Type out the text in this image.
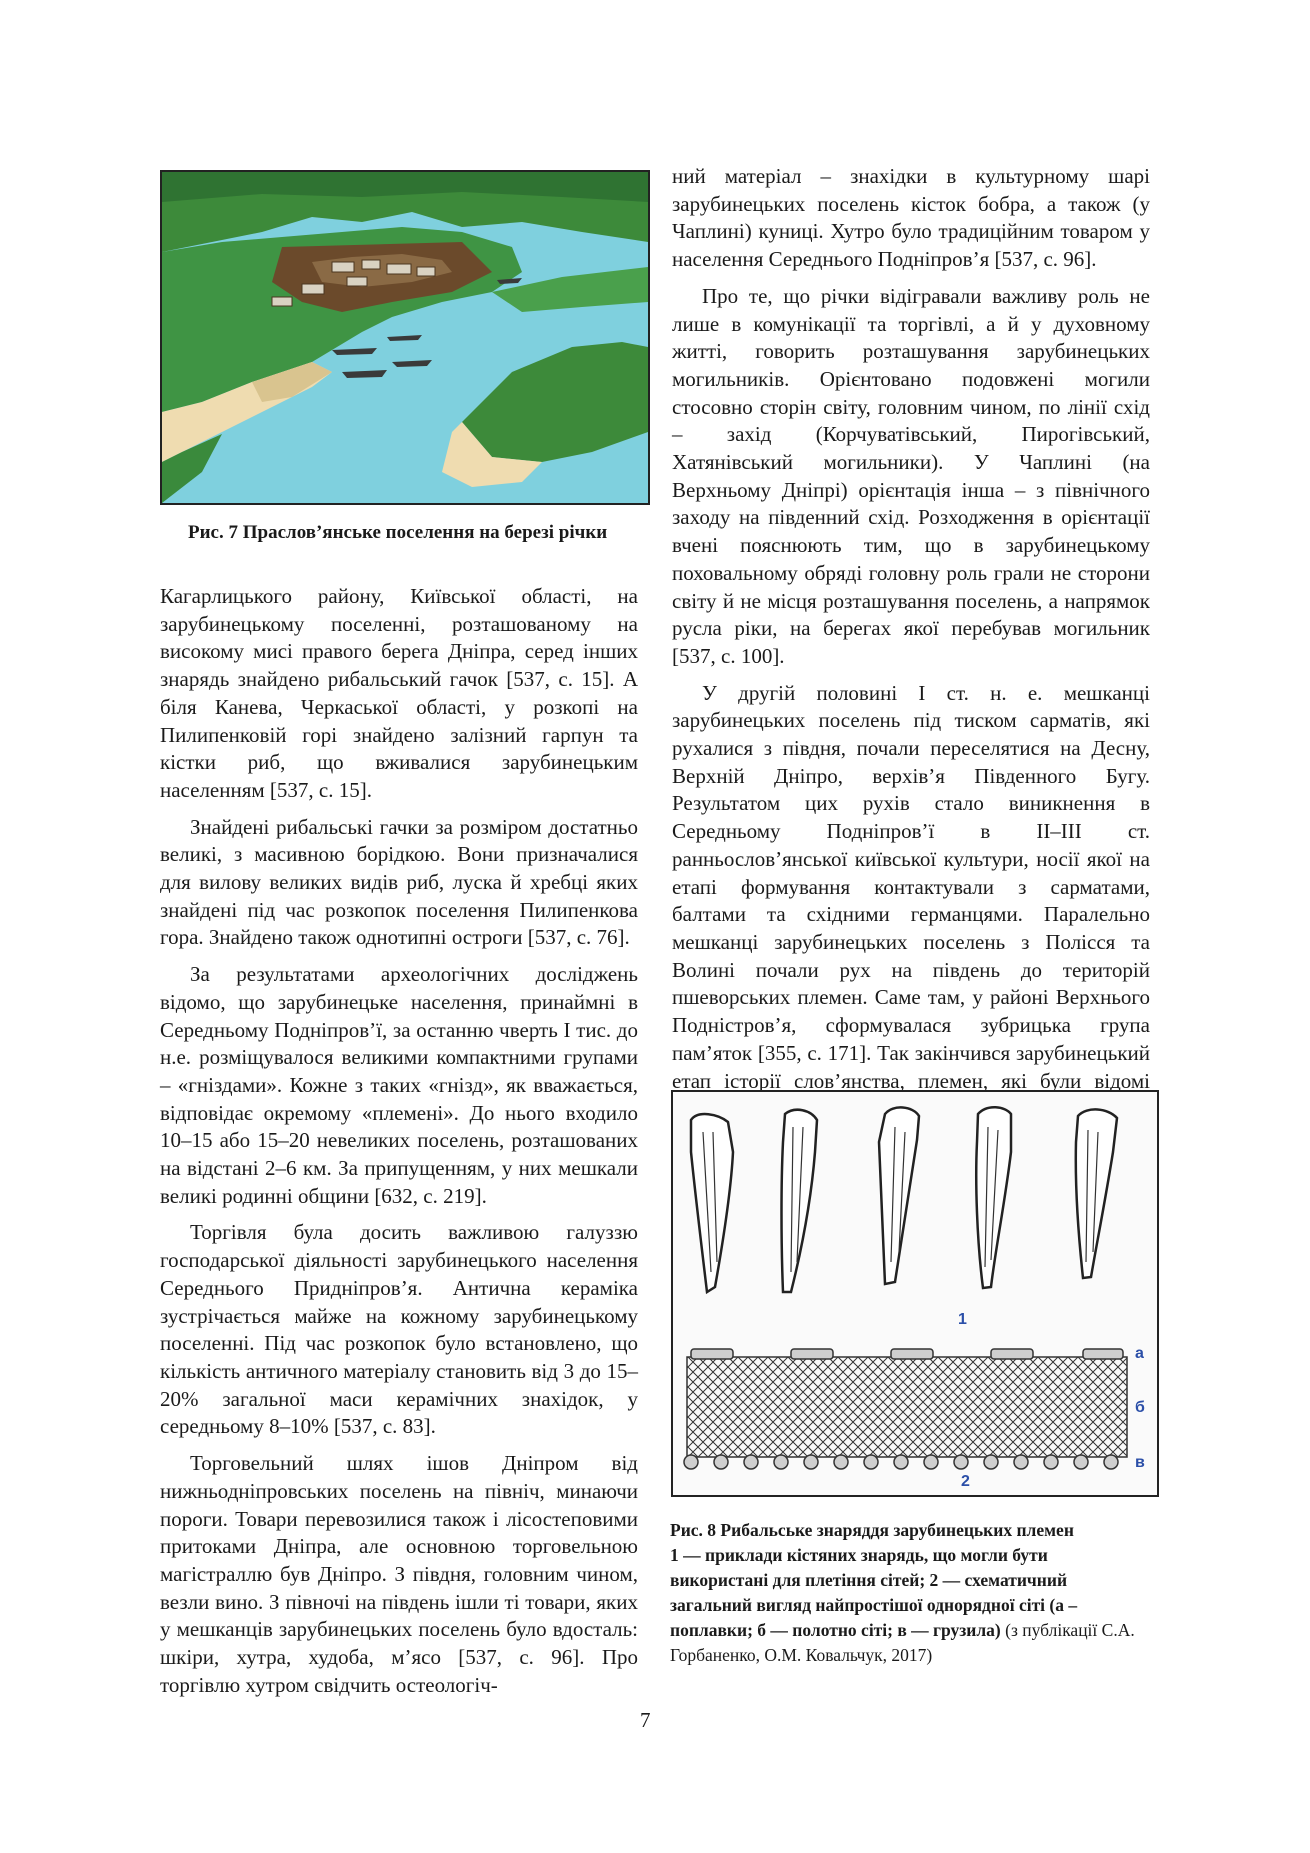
Рис. 7 Праслов’янське поселення на березі річки

Кагарлицького району, Київської області, на зарубинецькому поселенні, розташованому на високому мисі правого берега Дніпра, серед інших знарядь знайдено рибальський гачок [537, с. 15]. А біля Канева, Черкаської області, у розкопі на Пилипенковій горі знайдено залізний гарпун та кістки риб, що вживалися зарубинецьким населенням [537, с. 15].

Знайдені рибальські гачки за розміром достатньо великі, з масивною борідкою. Вони призначалися для вилову великих видів риб, луска й хребці яких знайдені під час розкопок поселення Пилипенкова гора. Знайдено також однотипні остроги [537, с. 76].

За результатами археологічних досліджень відомо, що зарубинецьке населення, принаймні в Середньому Подніпров’ї, за останню чверть І тис. до н.е. розміщувалося великими компактними групами – «гніздами». Кожне з таких «гнізд», як вважається, відповідає окремому «племені». До нього входило 10–15 або 15–20 невеликих поселень, розташованих на відстані 2–6 км. За припущенням, у них мешкали великі родинні общини [632, с. 219].

Торгівля була досить важливою галуззю господарської діяльності зарубинецького населення Середнього Придніпров’я. Антична кераміка зустрічається майже на кожному зарубинецькому поселенні. Під час розкопок було встановлено, що кількість античного матеріалу становить від 3 до 15–20% загальної маси керамічних знахідок, у середньому 8–10% [537, с. 83].

Торговельний шлях ішов Дніпром від нижньодніпровських поселень на північ, минаючи пороги. Товари перевозилися також і лісостеповими притоками Дніпра, але основною торговельною магістраллю був Дніпро. З півдня, головним чином, везли вино. З півночі на південь ішли ті товари, яких у мешканців зарубинецьких поселень було вдосталь: шкіри, хутра, худоба, м’ясо [537, с. 96]. Про торгівлю хутром свідчить остеологіч-

ний матеріал – знахідки в культурному шарі зарубинецьких поселень кісток бобра, а також (у Чаплині) куниці. Хутро було традиційним товаром у населення Середнього Подніпров’я [537, с. 96].

Про те, що річки відігравали важливу роль не лише в комунікації та торгівлі, а й у духовному житті, говорить розташування зарубинецьких могильників. Орієнтовано подовжені могили стосовно сторін світу, головним чином, по лінії схід – захід (Корчуватівський, Пирогівський, Хатянівський могильники). У Чаплині (на Верхньому Дніпрі) орієнтація інша – з північного заходу на південний схід. Розходження в орієнтації вчені пояснюють тим, що в зарубинецькому поховальному обряді головну роль грали не сторони світу й не місця розташування поселень, а напрямок русла ріки, на берегах якої перебував могильник [537, с. 100].

У другій половині І ст. н. е. мешканці зарубинецьких поселень під тиском сарматів, які рухалися з півдня, почали переселятися на Десну, Верхній Дніпро, верхів’я Південного Бугу. Результатом цих рухів стало виникнення в Середньому Подніпров’ї в ІІ–ІІІ ст. ранньослов’янської київської культури, носії якої на етапі формування контактували з сарматами, балтами та східними германцями. Паралельно мешканці зарубинецьких поселень з Полісся та Волині почали рух на південь до територій пшеворських племен. Саме там, у районі Верхнього Подністров’я, сформувалася зубрицька група пам’яток [355, с. 171]. Так закінчився зарубинецький етап історії слов’янства, племен, які були відомі

1
а
б
в
2
Рис. 8 Рибальське знаряддя зарубинецьких племен
1 — приклади кістяних знарядь, що могли бути використані для плетіння сітей; 2 — схематичний загальний вигляд найпростішої однорядної сіті (а – поплавки; б — полотно сіті; в — грузила) (з публікації С.А. Горбаненко, О.М. Ковальчук, 2017)
7
